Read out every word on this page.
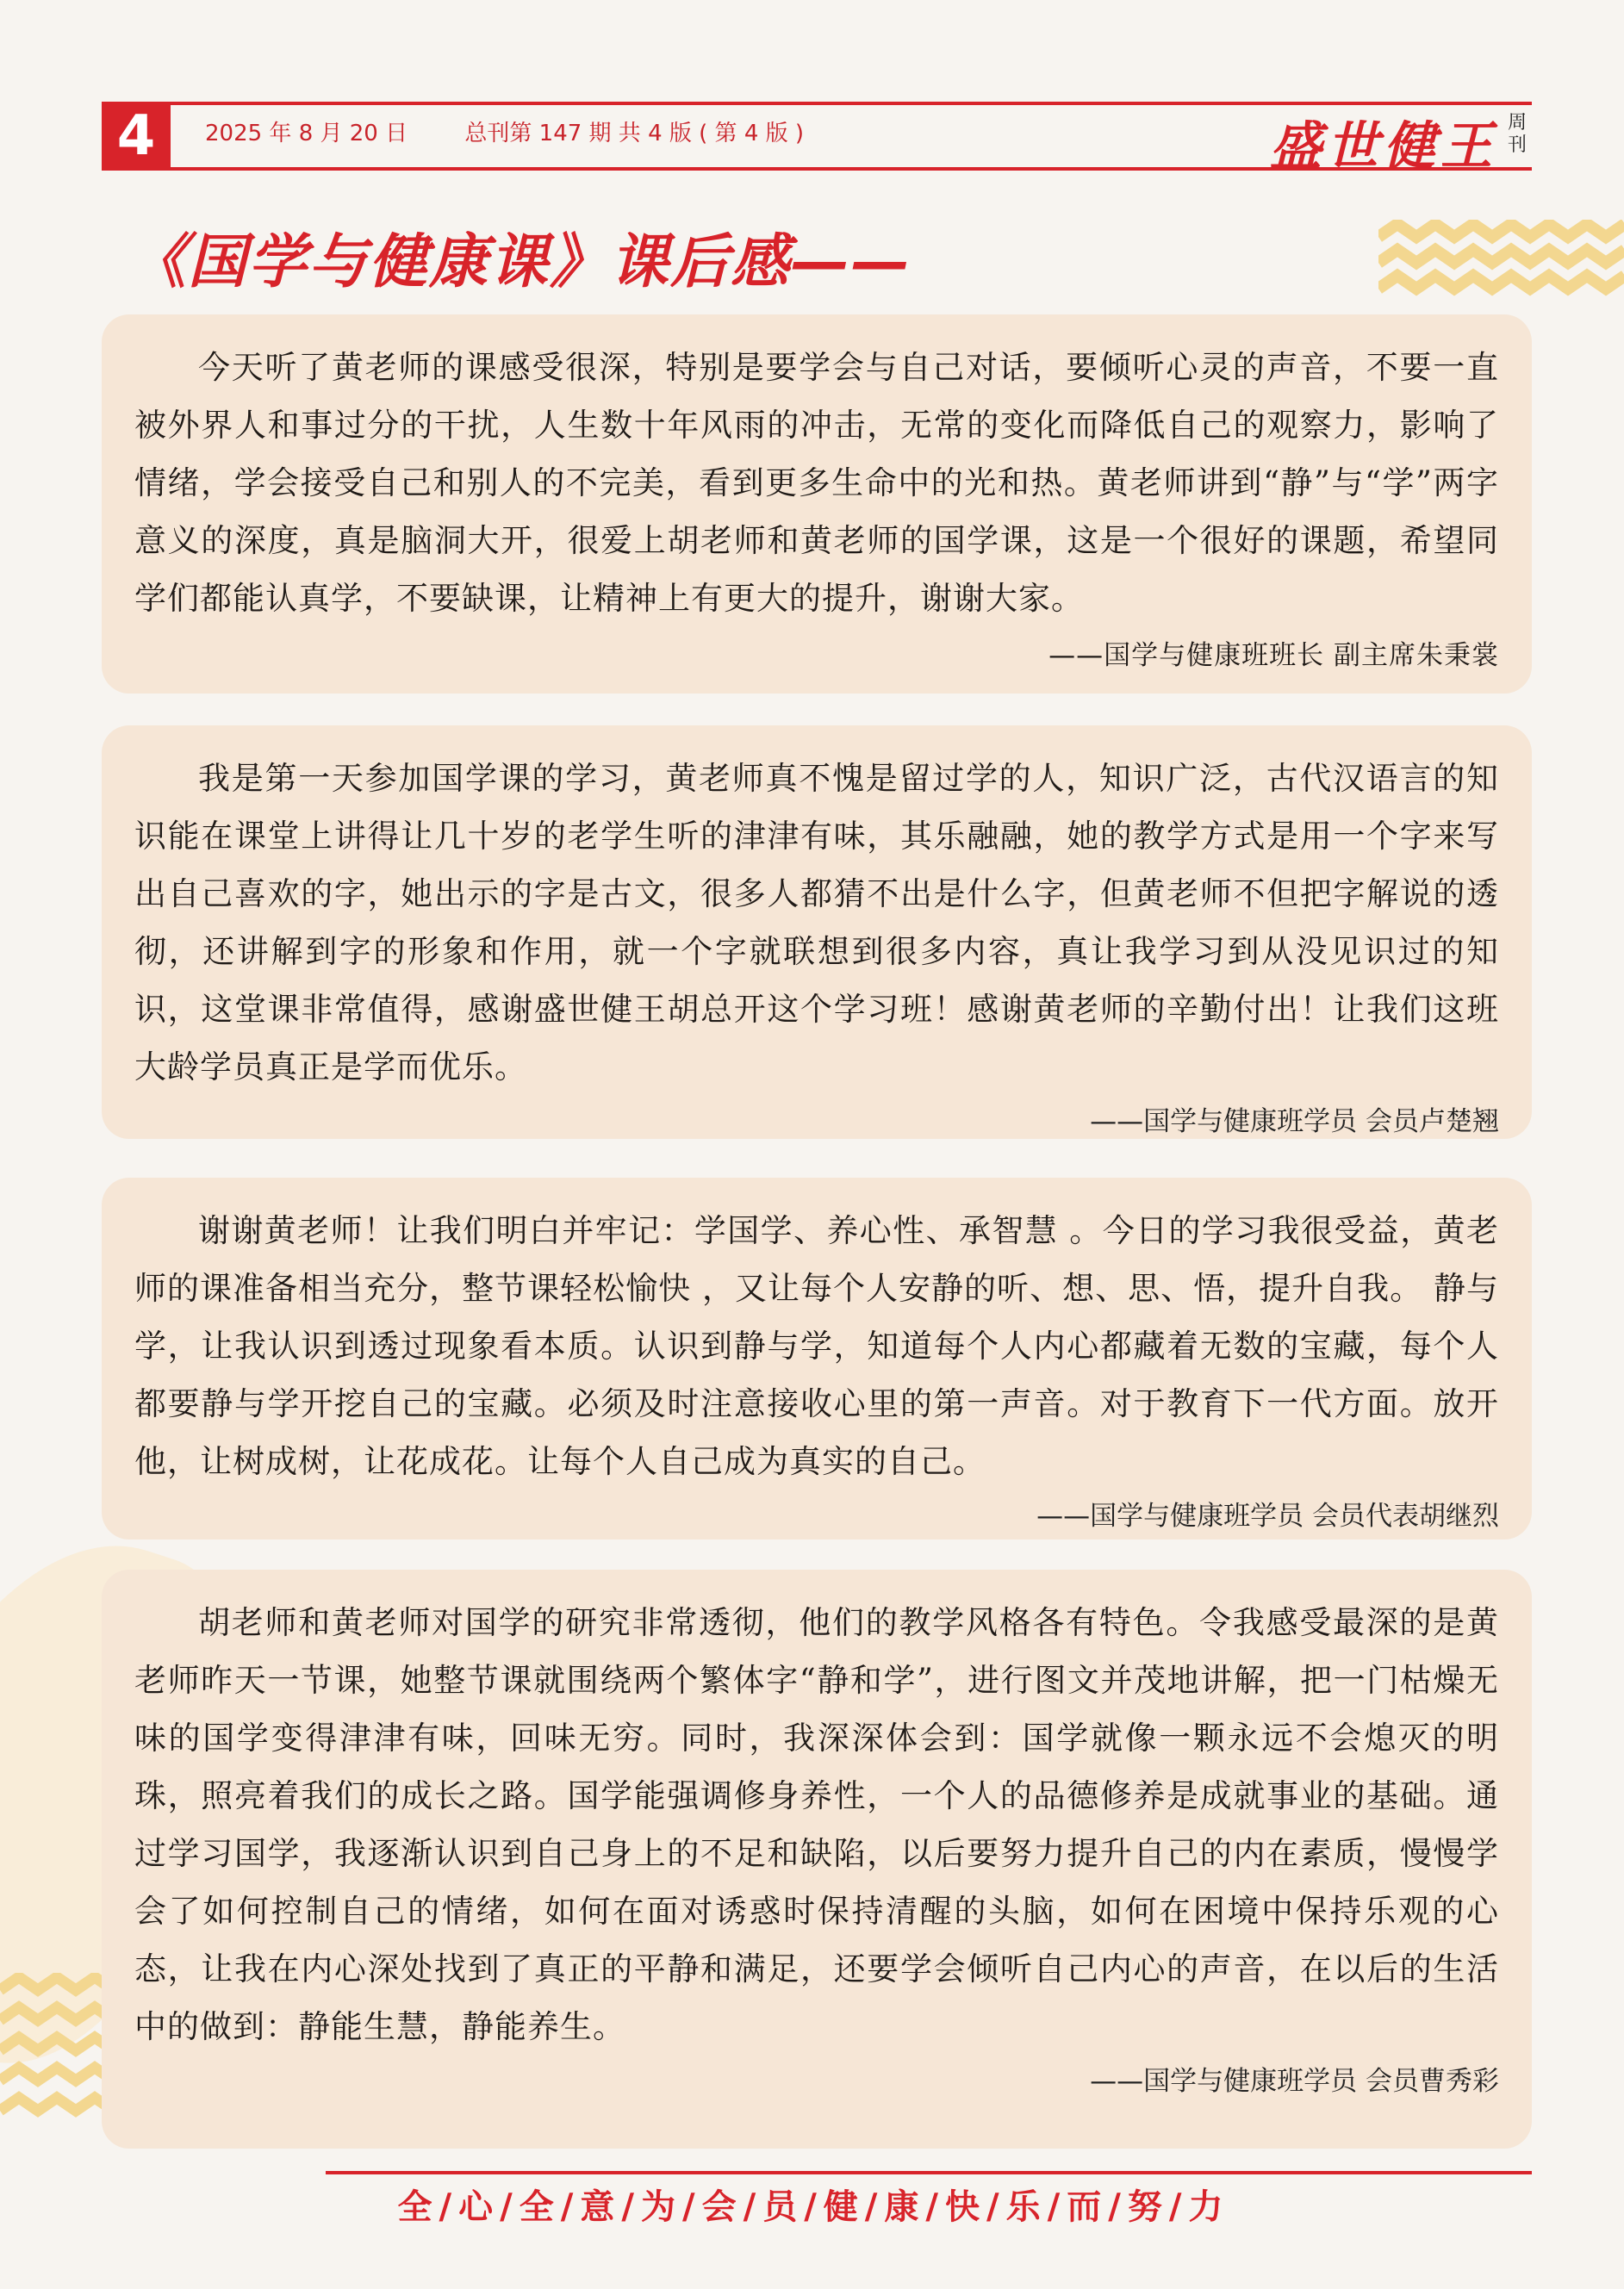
4	2025 年 8 月 20 日	总刊第 147 期 共 4 版 ( 第 4 版 )	盛世健王 周刊
《国学与健康课》课后感——

今天听了黄老师的课感受很深，特别是要学会与自己对话，要倾听心灵的声音，不要一直被外界人和事过分的干扰，人生数十年风雨的冲击，无常的变化而降低自己的观察力，影响了情绪，学会接受自己和别人的不完美，看到更多生命中的光和热。黄老师讲到“静”与“学”两字意义的深度，真是脑洞大开，很爱上胡老师和黄老师的国学课，这是一个很好的课题，希望同学们都能认真学，不要缺课，让精神上有更大的提升，谢谢大家。
——国学与健康班班长 副主席朱秉裳

我是第一天参加国学课的学习，黄老师真不愧是留过学的人，知识广泛，古代汉语言的知识能在课堂上讲得让几十岁的老学生听的津津有味，其乐融融，她的教学方式是用一个字来写出自己喜欢的字，她出示的字是古文，很多人都猜不出是什么字，但黄老师不但把字解说的透彻，还讲解到字的形象和作用，就一个字就联想到很多内容，真让我学习到从没见识过的知识，这堂课非常值得，感谢盛世健王胡总开这个学习班！感谢黄老师的辛勤付出！让我们这班大龄学员真正是学而优乐。

——国学与健康班学员 会员卢楚翘

谢谢黄老师！让我们明白并牢记：学国学、养心性、承智慧 。今日的学习我很受益，黄老师的课准备相当充分，整节课轻松愉快 ，又让每个人安静的听、想、思、悟，提升自我。 静与学，让我认识到透过现象看本质。认识到静与学，知道每个人内心都藏着无数的宝藏，每个人都要静与学开挖自己的宝藏。必须及时注意接收心里的第一声音。对于教育下一代方面。放开他，让树成树，让花成花。让每个人自己成为真实的自己。

——国学与健康班学员 会员代表胡继烈

胡老师和黄老师对国学的研究非常透彻，他们的教学风格各有特色。令我感受最深的是黄老师昨天一节课，她整节课就围绕两个繁体字“静和学”，进行图文并茂地讲解，把一门枯燥无味的国学变得津津有味，回味无穷。同时，我深深体会到：国学就像一颗永远不会熄灭的明珠，照亮着我们的成长之路。国学能强调修身养性，一个人的品德修养是成就事业的基础。通过学习国学，我逐渐认识到自己身上的不足和缺陷，以后要努力提升自己的内在素质，慢慢学会了如何控制自己的情绪，如何在面对诱惑时保持清醒的头脑，如何在困境中保持乐观的心态，让我在内心深处找到了真正的平静和满足，还要学会倾听自己内心的声音，在以后的生活中的做到：静能生慧，静能养生。

——国学与健康班学员 会员曹秀彩
全 / 心 / 全 / 意 / 为 / 会 / 员 / 健 / 康 / 快 / 乐 / 而 / 努 / 力
